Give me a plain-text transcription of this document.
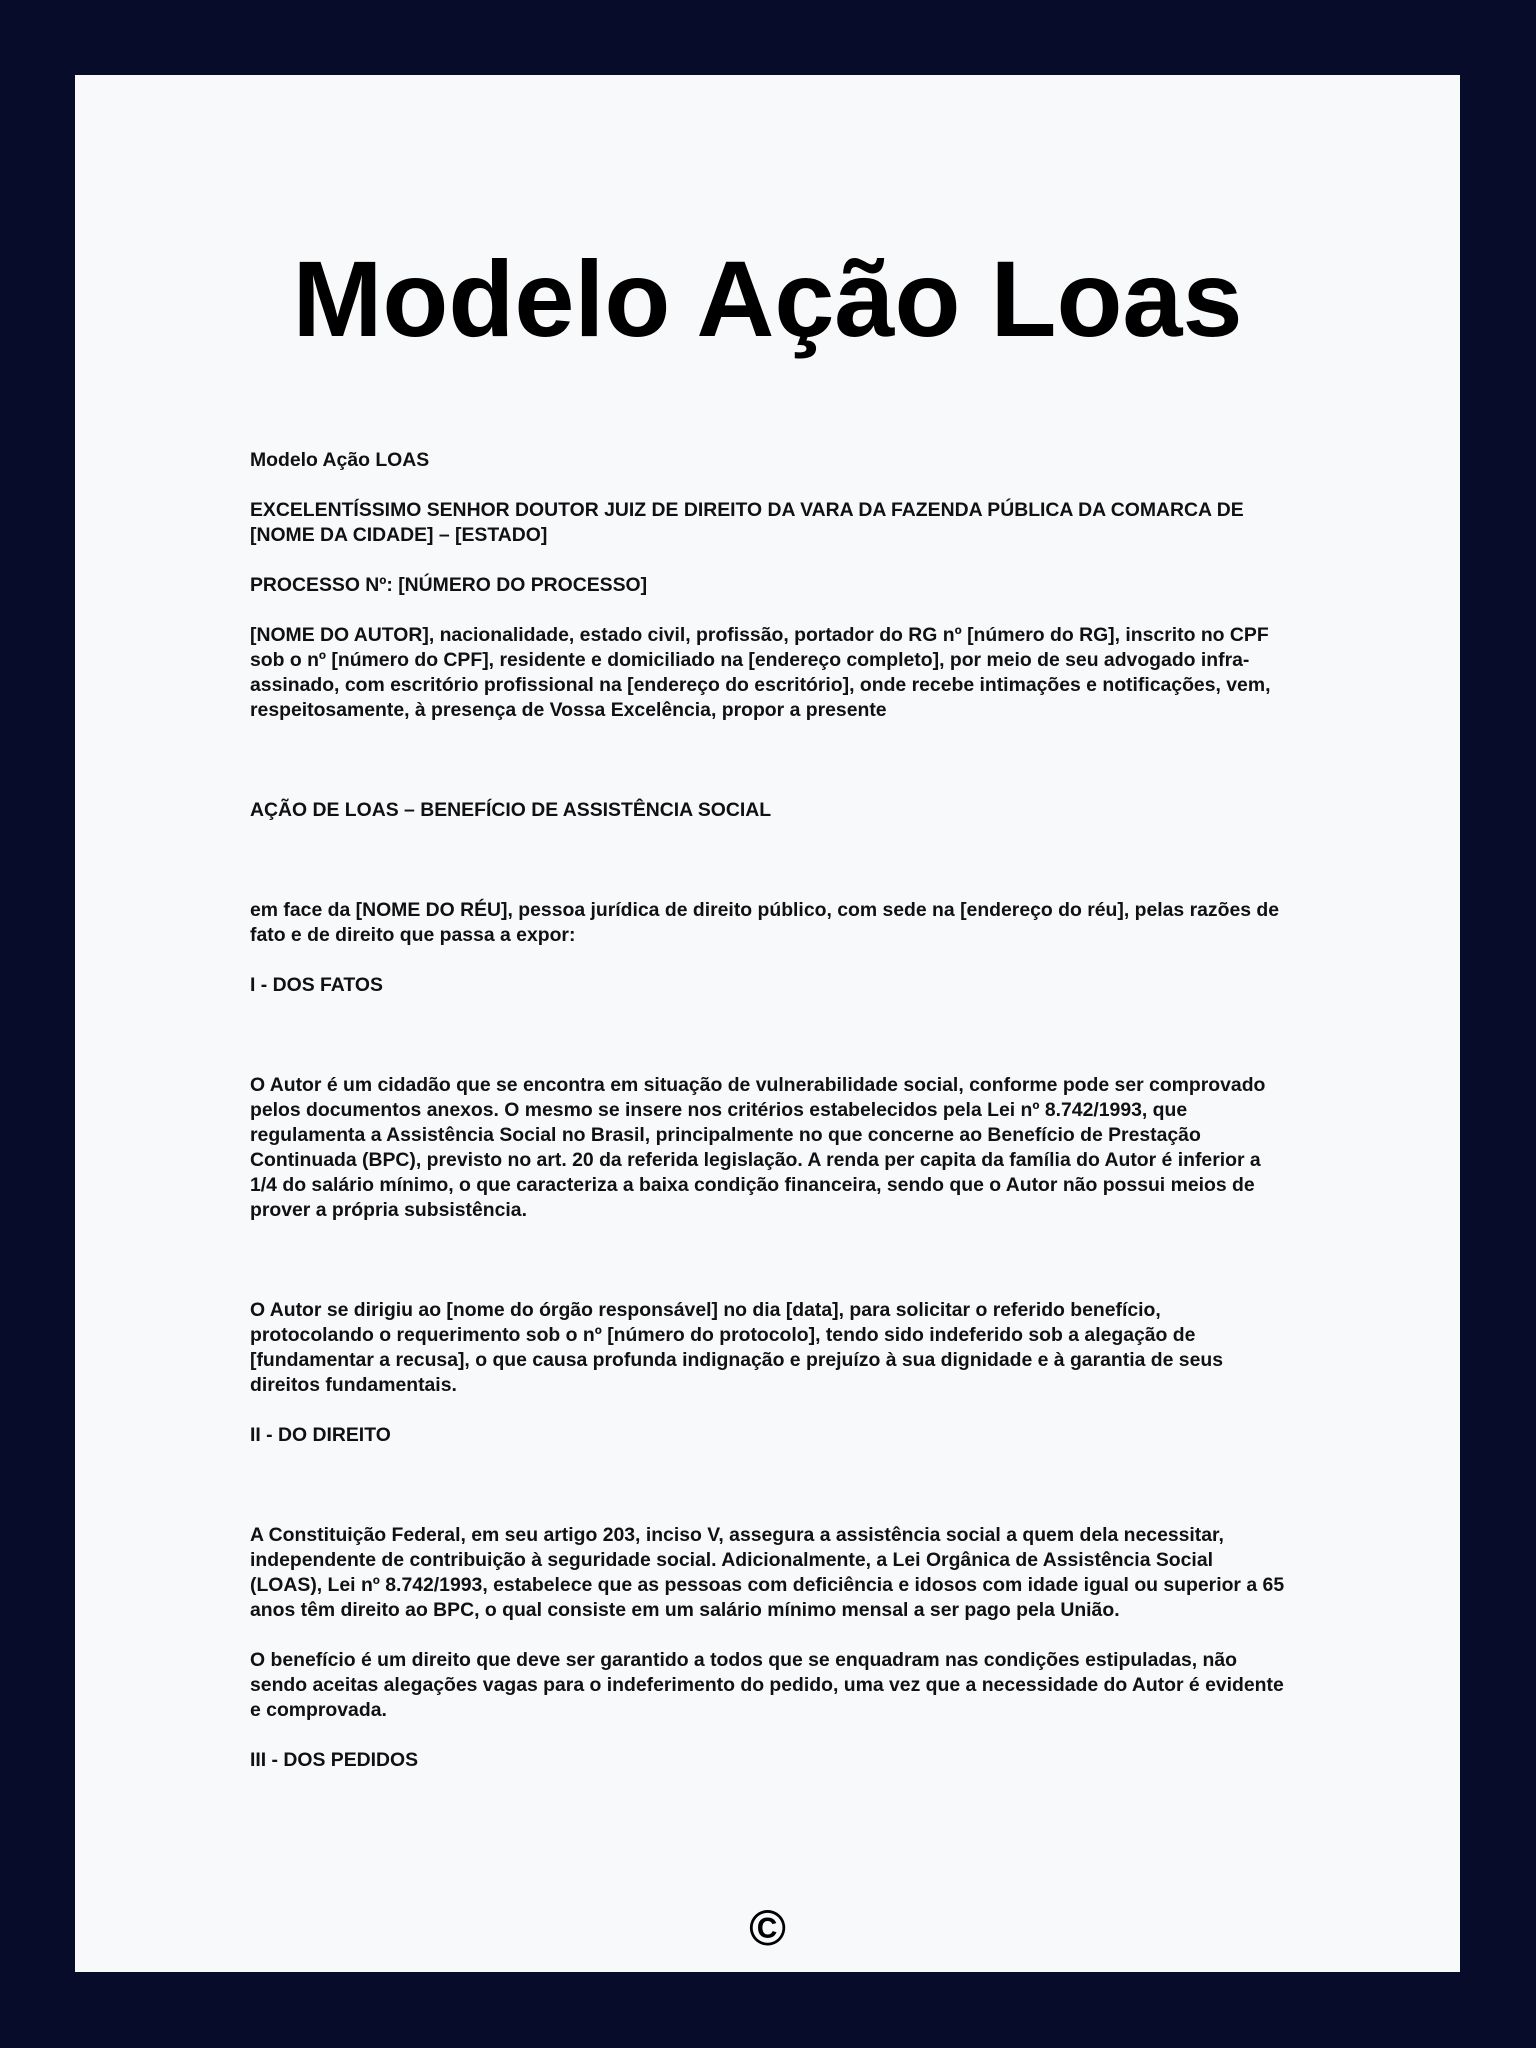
Modelo Ação Loas

Modelo Ação LOAS

EXCELENTÍSSIMO SENHOR DOUTOR JUIZ DE DIREITO DA VARA DA FAZENDA PÚBLICA DA COMARCA DE [NOME DA CIDADE] – [ESTADO]

PROCESSO Nº: [NÚMERO DO PROCESSO]

[NOME DO AUTOR], nacionalidade, estado civil, profissão, portador do RG nº [número do RG], inscrito no CPF sob o nº [número do CPF], residente e domiciliado na [endereço completo], por meio de seu advogado infra-assinado, com escritório profissional na [endereço do escritório], onde recebe intimações e notificações, vem, respeitosamente, à presença de Vossa Excelência, propor a presente

AÇÃO DE LOAS – BENEFÍCIO DE ASSISTÊNCIA SOCIAL

em face da [NOME DO RÉU], pessoa jurídica de direito público, com sede na [endereço do réu], pelas razões de fato e de direito que passa a expor:

I - DOS FATOS

O Autor é um cidadão que se encontra em situação de vulnerabilidade social, conforme pode ser comprovado pelos documentos anexos. O mesmo se insere nos critérios estabelecidos pela Lei nº 8.742/1993, que regulamenta a Assistência Social no Brasil, principalmente no que concerne ao Benefício de Prestação Continuada (BPC), previsto no art. 20 da referida legislação. A renda per capita da família do Autor é inferior a 1/4 do salário mínimo, o que caracteriza a baixa condição financeira, sendo que o Autor não possui meios de prover a própria subsistência.

O Autor se dirigiu ao [nome do órgão responsável] no dia [data], para solicitar o referido benefício, protocolando o requerimento sob o nº [número do protocolo], tendo sido indeferido sob a alegação de [fundamentar a recusa], o que causa profunda indignação e prejuízo à sua dignidade e à garantia de seus direitos fundamentais.

II - DO DIREITO

A Constituição Federal, em seu artigo 203, inciso V, assegura a assistência social a quem dela necessitar, independente de contribuição à seguridade social. Adicionalmente, a Lei Orgânica de Assistência Social (LOAS), Lei nº 8.742/1993, estabelece que as pessoas com deficiência e idosos com idade igual ou superior a 65 anos têm direito ao BPC, o qual consiste em um salário mínimo mensal a ser pago pela União.

O benefício é um direito que deve ser garantido a todos que se enquadram nas condições estipuladas, não sendo aceitas alegações vagas para o indeferimento do pedido, uma vez que a necessidade do Autor é evidente e comprovada.

III - DOS PEDIDOS

©
